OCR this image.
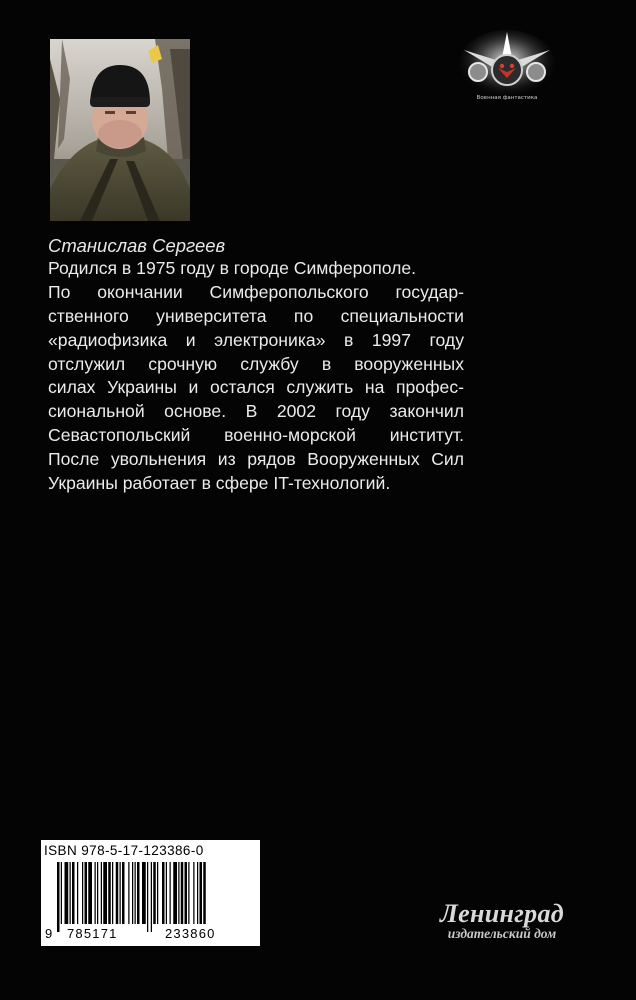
Военная фантастика

Станислав Сергеев

Родился в 1975 году в городе Симферополе.
По окончании Симферопольского государ-
ственного университета по специальности
«радиофизика и электроника» в 1997 году
отслужил срочную службу в вооруженных
силах Украины и остался служить на профес-
сиональной основе. В 2002 году закончил
Севастопольский военно-морской институт.
После увольнения из рядов Вооруженных Сил
Украины работает в сфере IT-технологий.
ISBN 978-5-17-123386-0
9 785171	233860
Ленинград
издательский дом
